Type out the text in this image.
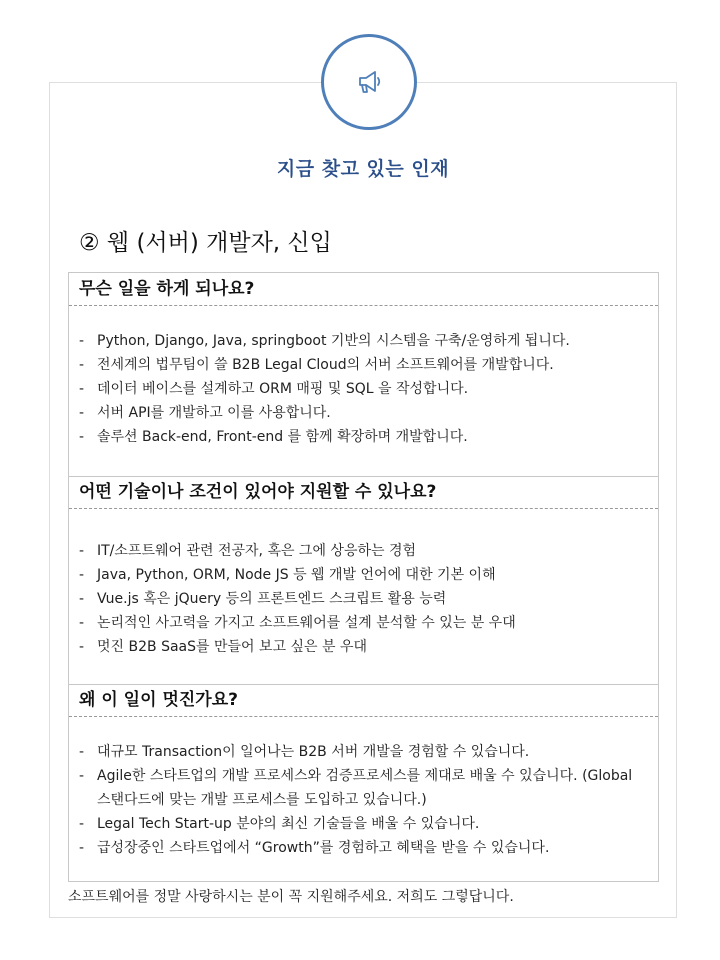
지금 찾고 있는 인재
② 웹 (서버) 개발자, 신입
무슨 일을 하게 되나요?
- Python, Django, Java, springboot 기반의 시스템을 구축/운영하게 됩니다.
- 전세계의 법무팀이 쓸 B2B Legal Cloud의 서버 소프트웨어를 개발합니다.
- 데이터 베이스를 설계하고 ORM 매핑 및 SQL 을 작성합니다.
- 서버 API를 개발하고 이를 사용합니다.
- 솔루션 Back-end, Front-end 를 함께 확장하며 개발합니다.
어떤 기술이나 조건이 있어야 지원할 수 있나요?
- IT/소프트웨어 관련 전공자, 혹은 그에 상응하는 경험
- Java, Python, ORM, Node JS 등 웹 개발 언어에 대한 기본 이해
- Vue.js 혹은 jQuery 등의 프론트엔드 스크립트 활용 능력
- 논리적인 사고력을 가지고 소프트웨어를 설계 분석할 수 있는 분 우대
- 멋진 B2B SaaS를 만들어 보고 싶은 분 우대
왜 이 일이 멋진가요?
- 대규모 Transaction이 일어나는 B2B 서버 개발을 경험할 수 있습니다.
- Agile한 스타트업의 개발 프로세스와 검증프로세스를 제대로 배울 수 있습니다. (Global 스탠다드에 맞는 개발 프로세스를 도입하고 있습니다.)
- Legal Tech Start-up 분야의 최신 기술들을 배울 수 있습니다.
- 급성장중인 스타트업에서 “Growth”를 경험하고 혜택을 받을 수 있습니다.
소프트웨어를 정말 사랑하시는 분이 꼭 지원해주세요. 저희도 그렇답니다.
